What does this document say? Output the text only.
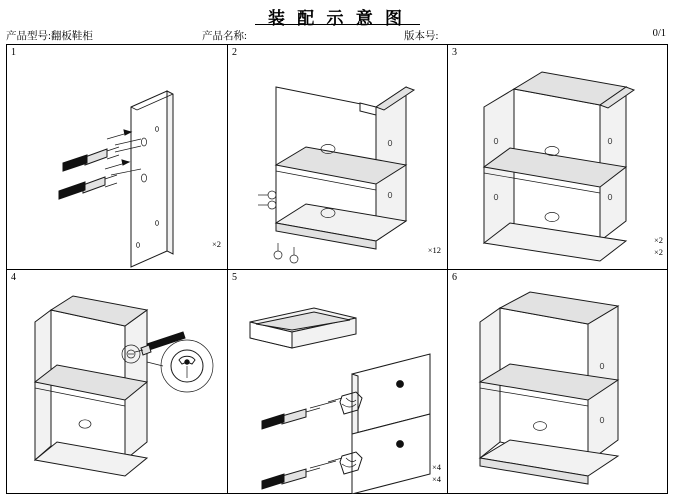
装 配 示 意 图
产品型号:翻板鞋柜	产品名称:	版本号:	0/1
1
×2
2
×12
3
×2
×2
4	5
×4
×4
6
